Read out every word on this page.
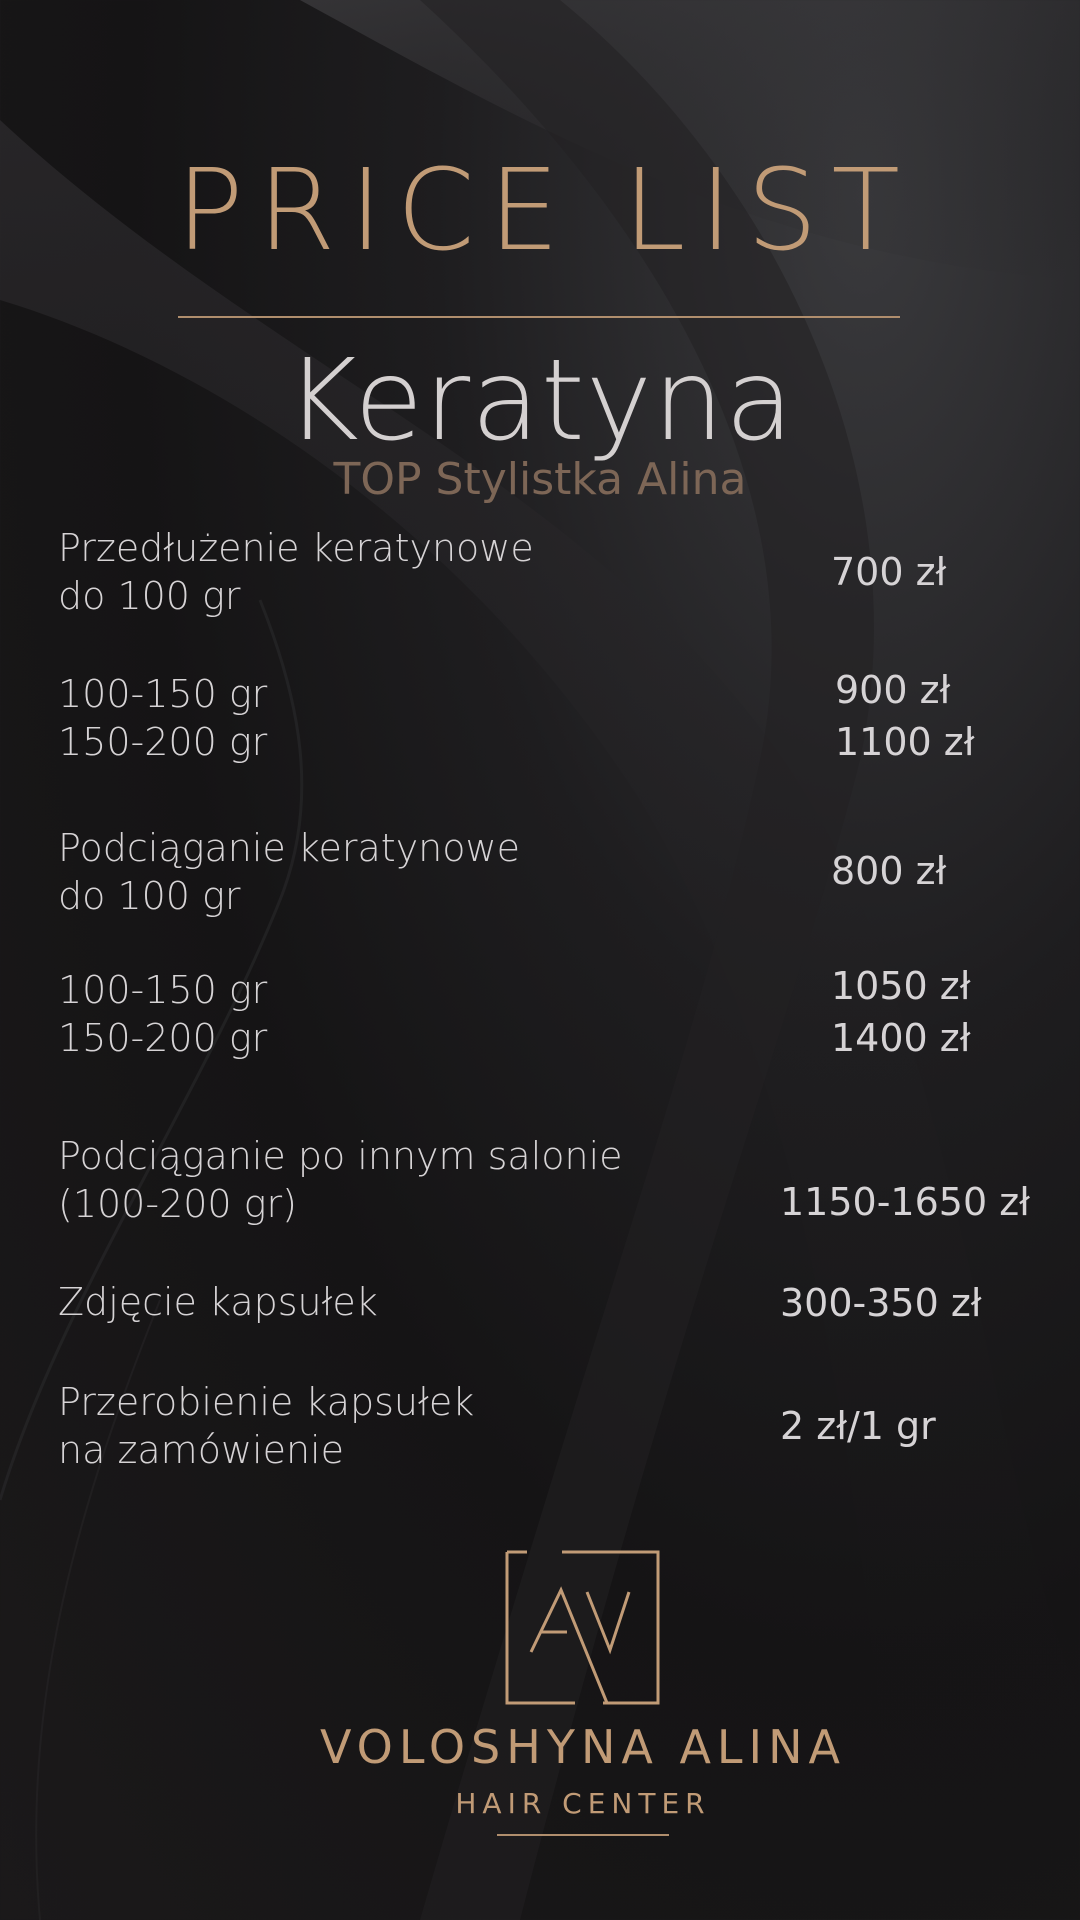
PRICE LIST
Keratyna
TOP Stylistka Alina
Przedłużenie keratynowe
do 100 gr
700 zł
100-150 gr
150-200 gr
900 zł
1100 zł
Podciąganie keratynowe
do 100 gr
800 zł
100-150 gr
150-200 gr
1050 zł
1400 zł
Podciąganie po innym salonie
(100-200 gr)	1150-1650 zł
Zdjęcie kapsułek	300-350 zł
Przerobienie kapsułek
na zamówienie
2 zł/1 gr
VOLOSHYNA ALINA
HAIR CENTER
